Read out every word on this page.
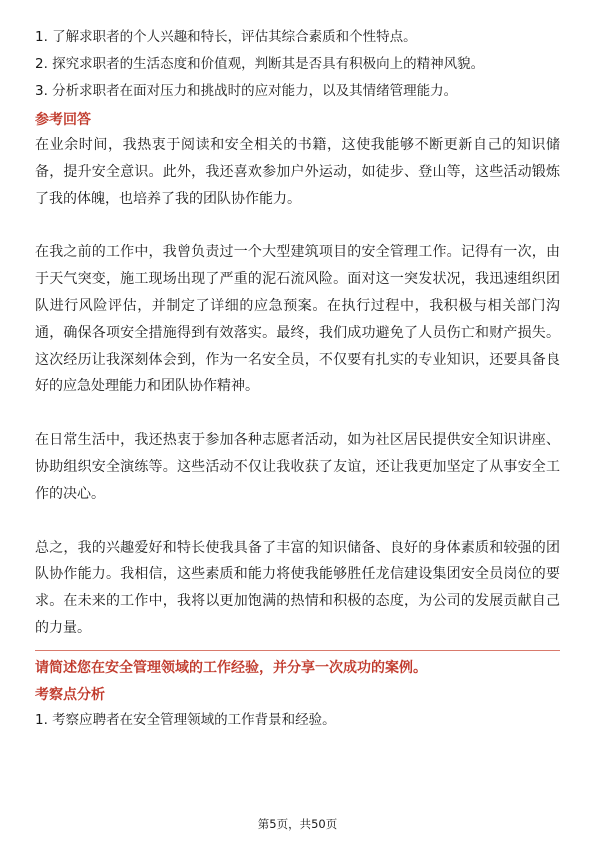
1. 了解求职者的个人兴趣和特长，评估其综合素质和个性特点。

2. 探究求职者的生活态度和价值观，判断其是否具有积极向上的精神风貌。

3. 分析求职者在面对压力和挑战时的应对能力，以及其情绪管理能力。

参考回答

在业余时间，我热衷于阅读和安全相关的书籍，这使我能够不断更新自己的知识储备，提升安全意识。此外，我还喜欢参加户外运动，如徒步、登山等，这些活动锻炼了我的体魄，也培养了我的团队协作能力。

在我之前的工作中，我曾负责过一个大型建筑项目的安全管理工作。记得有一次，由于天气突变，施工现场出现了严重的泥石流风险。面对这一突发状况，我迅速组织团队进行风险评估，并制定了详细的应急预案。在执行过程中，我积极与相关部门沟通，确保各项安全措施得到有效落实。最终，我们成功避免了人员伤亡和财产损失。这次经历让我深刻体会到，作为一名安全员，不仅要有扎实的专业知识，还要具备良好的应急处理能力和团队协作精神。

在日常生活中，我还热衷于参加各种志愿者活动，如为社区居民提供安全知识讲座、协助组织安全演练等。这些活动不仅让我收获了友谊，还让我更加坚定了从事安全工作的决心。

总之，我的兴趣爱好和特长使我具备了丰富的知识储备、良好的身体素质和较强的团队协作能力。我相信，这些素质和能力将使我能够胜任龙信建设集团安全员岗位的要求。在未来的工作中，我将以更加饱满的热情和积极的态度，为公司的发展贡献自己的力量。

请简述您在安全管理领域的工作经验，并分享一次成功的案例。

考察点分析

1. 考察应聘者在安全管理领域的工作背景和经验。

第5页，共50页
